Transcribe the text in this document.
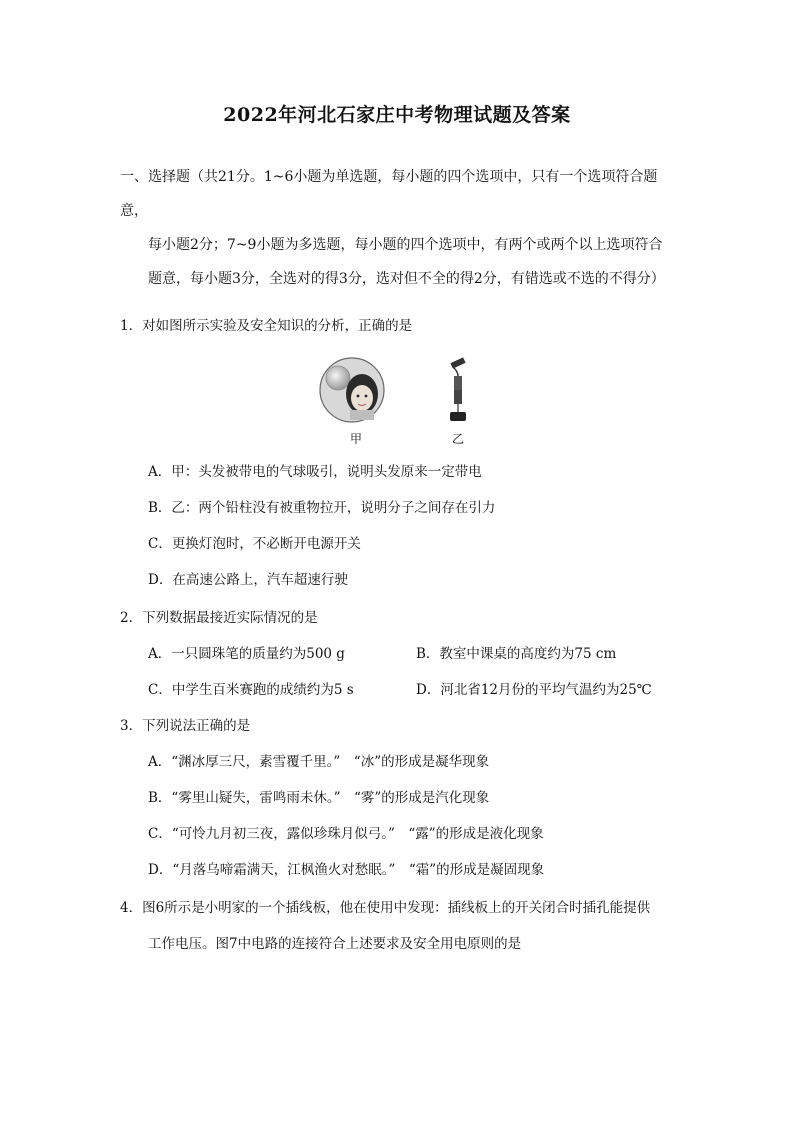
2022年河北石家庄中考物理试题及答案
一、选择题（共21分。1~6小题为单选题，每小题的四个选项中，只有一个选项符合题意，
每小题2分；7~9小题为多选题，每小题的四个选项中，有两个或两个以上选项符合
题意，每小题3分，全选对的得3分，选对但不全的得2分，有错选或不选的不得分）
1．对如图所示实验及安全知识的分析，正确的是
甲	乙
A．甲：头发被带电的气球吸引，说明头发原来一定带电
B．乙：两个铅柱没有被重物拉开，说明分子之间存在引力
C．更换灯泡时，不必断开电源开关
D．在高速公路上，汽车超速行驶
2．下列数据最接近实际情况的是
A．一只圆珠笔的质量约为500 g	B．教室中课桌的高度约为75 cm
C．中学生百米赛跑的成绩约为5 s	D．河北省12月份的平均气温约为25℃
3．下列说法正确的是
A．“渊冰厚三尺，素雪覆千里。”　“冰”的形成是凝华现象
B．“雾里山疑失，雷鸣雨未休。”　“雾”的形成是汽化现象
C．“可怜九月初三夜，露似珍珠月似弓。”　“露”的形成是液化现象
D．“月落乌啼霜满天，江枫渔火对愁眠。”　“霜”的形成是凝固现象
4．图6所示是小明家的一个插线板，他在使用中发现：插线板上的开关闭合时插孔能提供
工作电压。图7中电路的连接符合上述要求及安全用电原则的是
